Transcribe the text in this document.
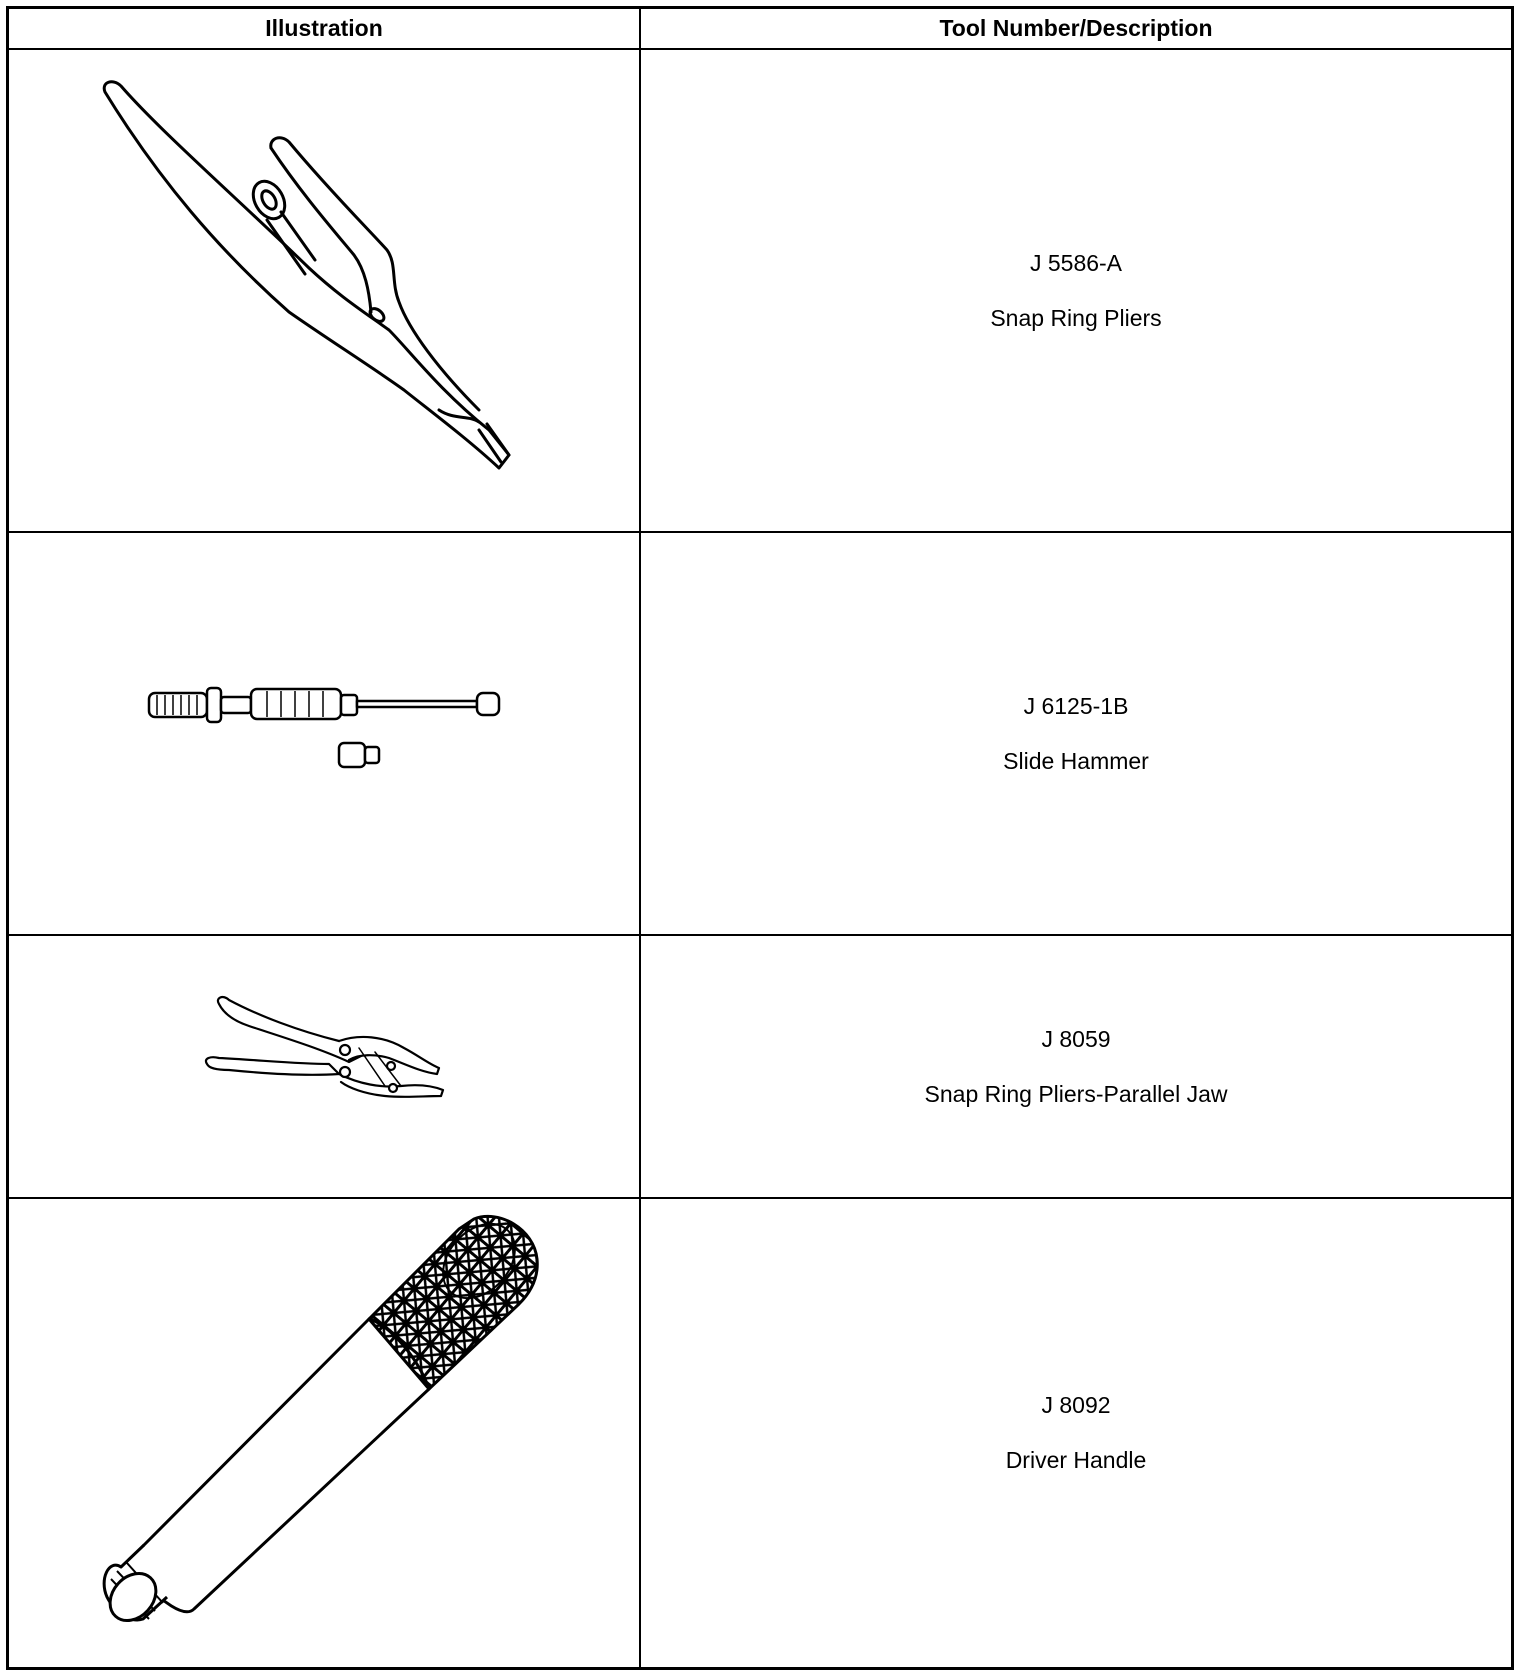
Illustration	Tool Number/Description
J 5586-A
Snap Ring Pliers
J 6125-1B
Slide Hammer
J 8059
Snap Ring Pliers-Parallel Jaw
J 8092
Driver Handle
